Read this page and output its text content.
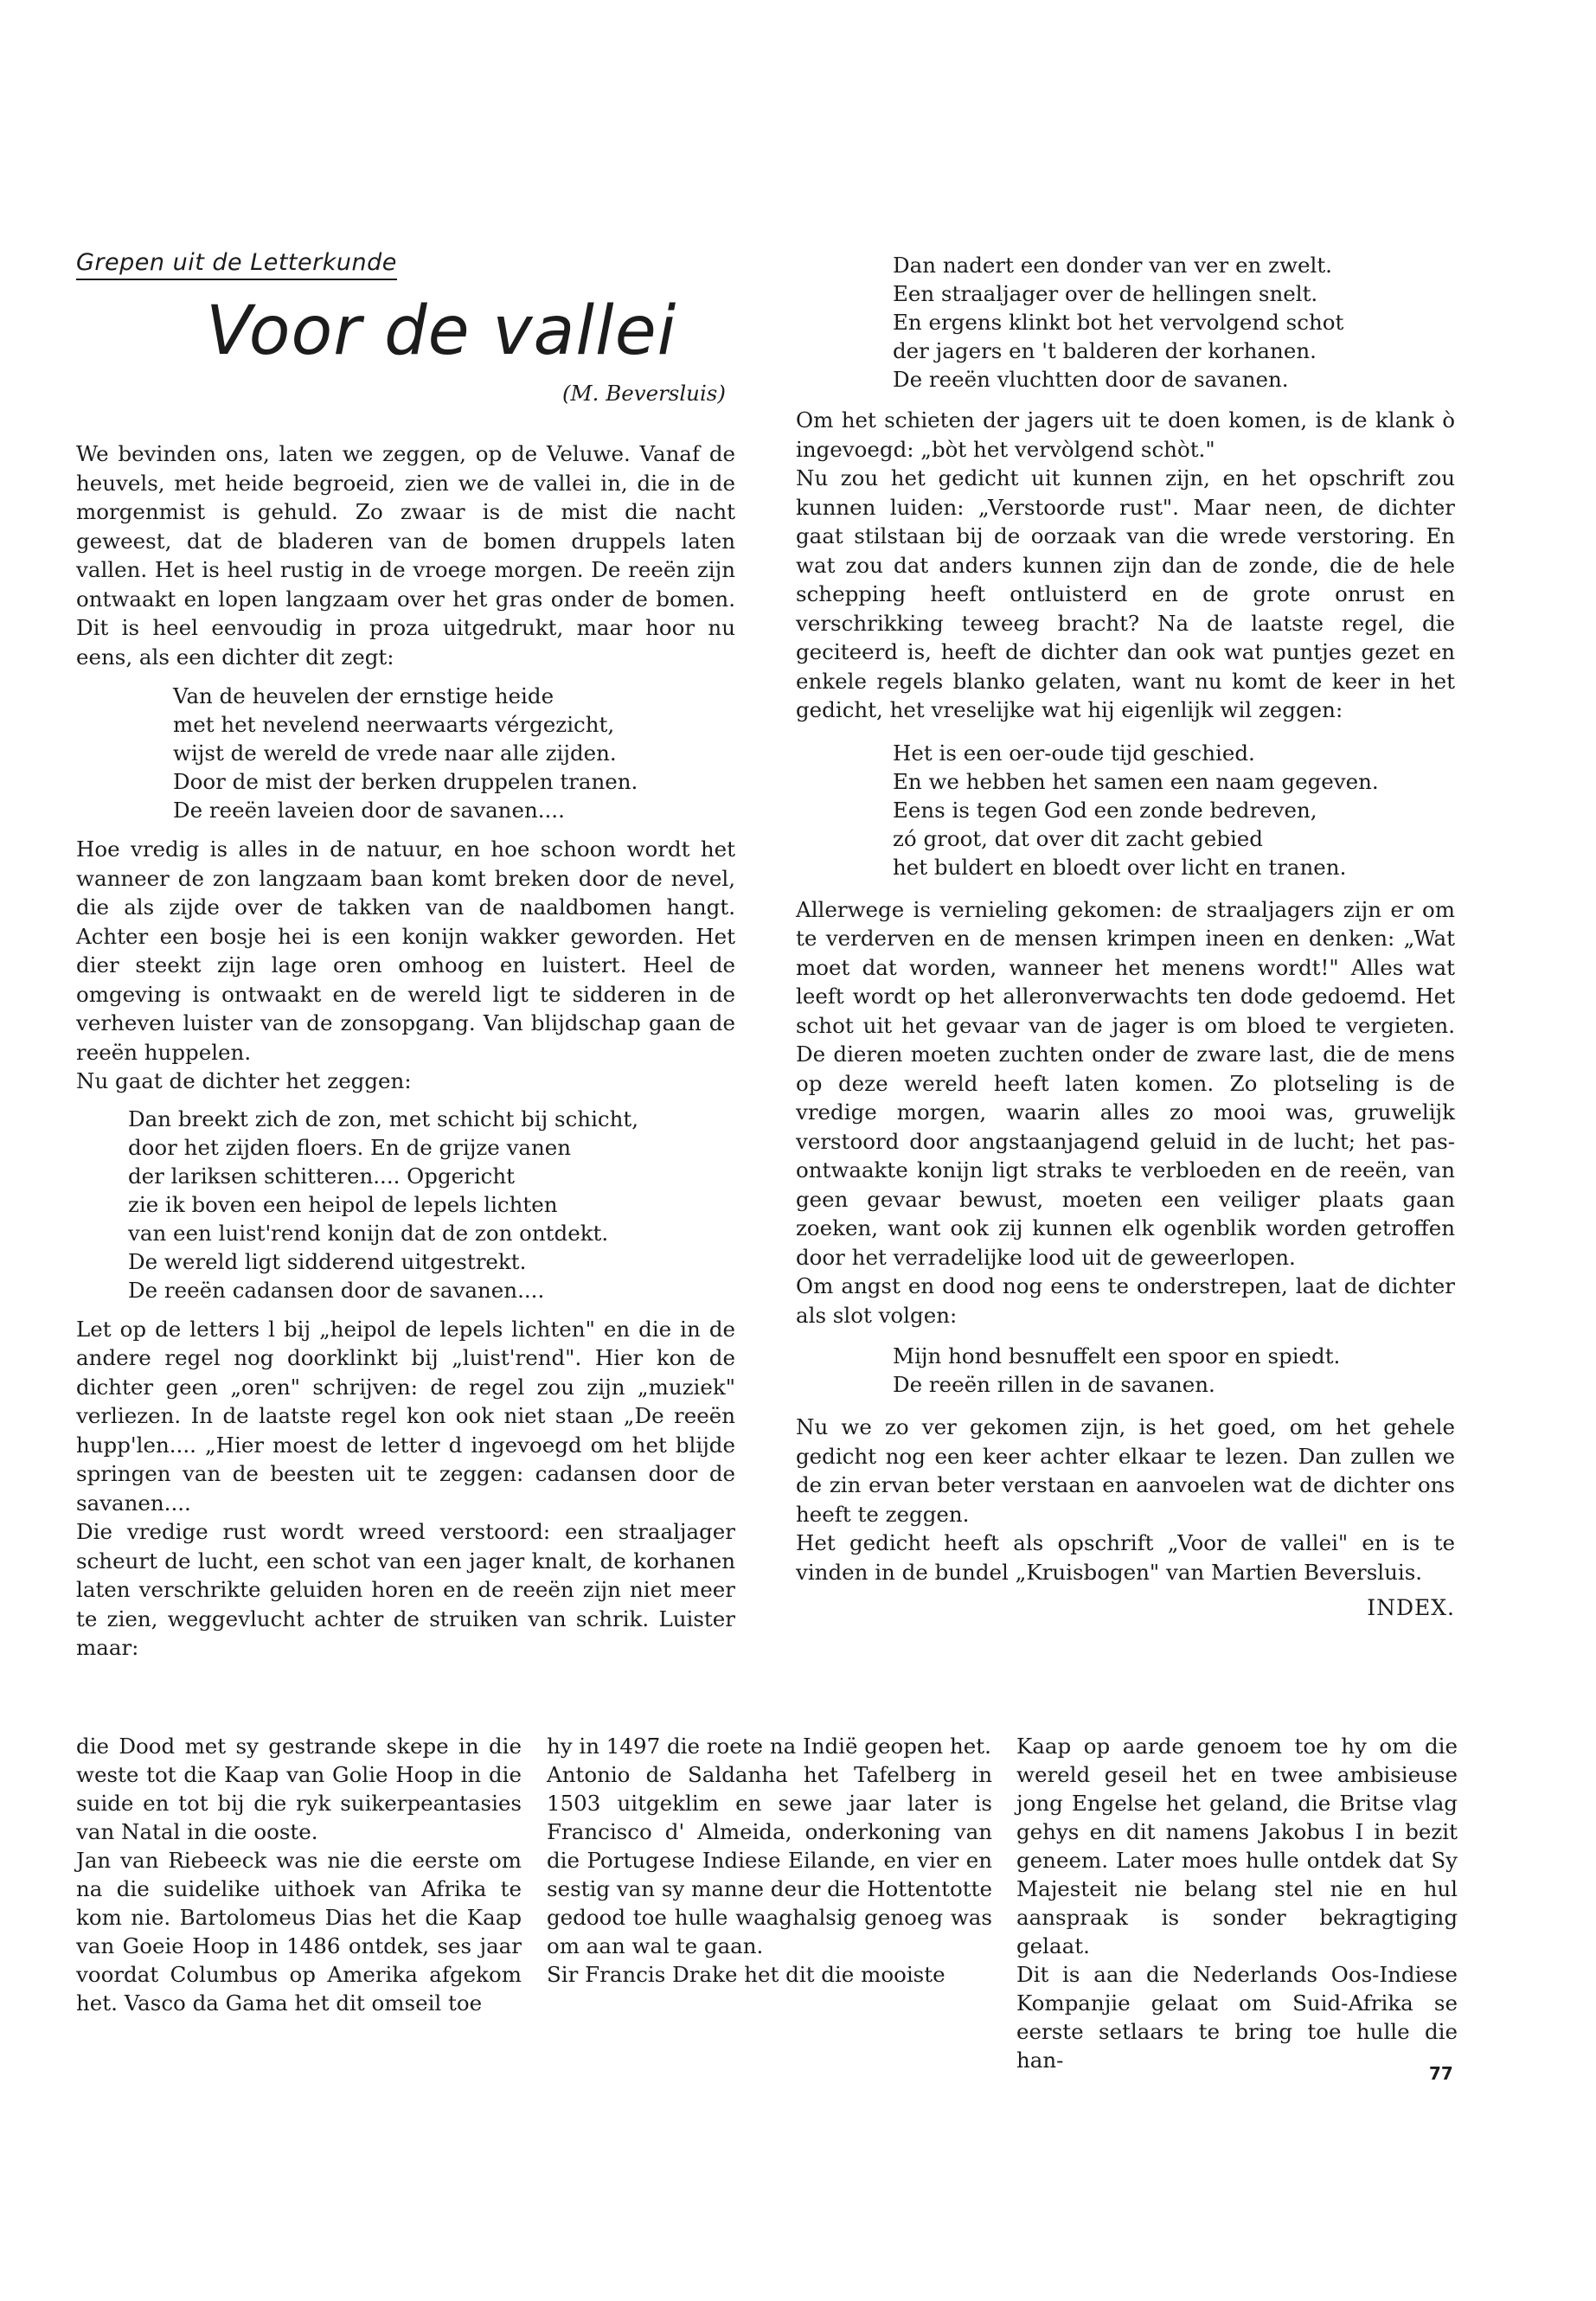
Grepen uit de Letterkunde
Voor de vallei
(M. Beversluis)

We bevinden ons, laten we zeggen, op de Veluwe. Vanaf de heuvels, met heide begroeid, zien we de vallei in, die in de morgenmist is gehuld. Zo zwaar is de mist die nacht geweest, dat de bladeren van de bomen druppels laten vallen. Het is heel rustig in de vroege morgen. De reeën zijn ontwaakt en lopen langzaam over het gras onder de bomen. Dit is heel eenvoudig in proza uitgedrukt, maar hoor nu eens, als een dichter dit zegt:

Van de heuvelen der ernstige heide
met het nevelend neerwaarts vérgezicht,
wijst de wereld de vrede naar alle zijden.
Door de mist der berken druppelen tranen.
De reeën laveien door de savanen....

Hoe vredig is alles in de natuur, en hoe schoon wordt het wanneer de zon langzaam baan komt breken door de nevel, die als zijde over de takken van de naaldbomen hangt. Achter een bosje hei is een konijn wakker geworden. Het dier steekt zijn lage oren omhoog en luistert. Heel de omgeving is ontwaakt en de wereld ligt te sidderen in de verheven luister van de zonsopgang. Van blijdschap gaan de reeën huppelen.

Nu gaat de dichter het zeggen:

Dan breekt zich de zon, met schicht bij schicht,
door het zijden floers. En de grijze vanen
der lariksen schitteren.... Opgericht
zie ik boven een heipol de lepels lichten
van een luist'rend konijn dat de zon ontdekt.
De wereld ligt sidderend uitgestrekt.
De reeën cadansen door de savanen....

Let op de letters l bij „heipol de lepels lichten" en die in de andere regel nog doorklinkt bij „luist'rend". Hier kon de dichter geen „oren" schrijven: de regel zou zijn „muziek" verliezen. In de laatste regel kon ook niet staan „De reeën hupp'len.... „Hier moest de letter d ingevoegd om het blijde springen van de beesten uit te zeggen: cadansen door de savanen....

Die vredige rust wordt wreed verstoord: een straaljager scheurt de lucht, een schot van een jager knalt, de korhanen laten verschrikte geluiden horen en de reeën zijn niet meer te zien, weggevlucht achter de struiken van schrik. Luister maar:

Dan nadert een donder van ver en zwelt.
Een straaljager over de hellingen snelt.
En ergens klinkt bot het vervolgend schot
der jagers en 't balderen der korhanen.
De reeën vluchtten door de savanen.

Om het schieten der jagers uit te doen komen, is de klank ò ingevoegd: „bòt het vervòlgend schòt."

Nu zou het gedicht uit kunnen zijn, en het opschrift zou kunnen luiden: „Verstoorde rust". Maar neen, de dichter gaat stilstaan bij de oorzaak van die wrede verstoring. En wat zou dat anders kunnen zijn dan de zonde, die de hele schepping heeft ontluisterd en de grote onrust en verschrikking teweeg bracht? Na de laatste regel, die geciteerd is, heeft de dichter dan ook wat puntjes gezet en enkele regels blanko gelaten, want nu komt de keer in het gedicht, het vreselijke wat hij eigenlijk wil zeggen:

Het is een oer-oude tijd geschied.
En we hebben het samen een naam gegeven.
Eens is tegen God een zonde bedreven,
zó groot, dat over dit zacht gebied
het buldert en bloedt over licht en tranen.

Allerwege is vernieling gekomen: de straaljagers zijn er om te verderven en de mensen krimpen ineen en denken: „Wat moet dat worden, wanneer het menens wordt!" Alles wat leeft wordt op het alleronverwachts ten dode gedoemd. Het schot uit het gevaar van de jager is om bloed te vergieten. De dieren moeten zuchten onder de zware last, die de mens op deze wereld heeft laten komen. Zo plotseling is de vredige morgen, waarin alles zo mooi was, gruwelijk verstoord door angstaanjagend geluid in de lucht; het pas-ontwaakte konijn ligt straks te verbloeden en de reeën, van geen gevaar bewust, moeten een veiliger plaats gaan zoeken, want ook zij kunnen elk ogenblik worden getroffen door het verradelijke lood uit de geweerlopen.

Om angst en dood nog eens te onderstrepen, laat de dichter als slot volgen:

Mijn hond besnuffelt een spoor en spiedt.
De reeën rillen in de savanen.

Nu we zo ver gekomen zijn, is het goed, om het gehele gedicht nog een keer achter elkaar te lezen. Dan zullen we de zin ervan beter verstaan en aanvoelen wat de dichter ons heeft te zeggen.

Het gedicht heeft als opschrift „Voor de vallei" en is te vinden in de bundel „Kruisbogen" van Martien Beversluis.

INDEX.

die Dood met sy gestrande skepe in die weste tot die Kaap van Golie Hoop in die suide en tot bij die ryk suikerpeantasies van Natal in die ooste.

Jan van Riebeeck was nie die eerste om na die suidelike uithoek van Afrika te kom nie. Bartolomeus Dias het die Kaap van Goeie Hoop in 1486 ontdek, ses jaar voordat Columbus op Amerika afgekom het. Vasco da Gama het dit omseil toe

hy in 1497 die roete na Indië geopen het.

Antonio de Saldanha het Tafelberg in 1503 uitgeklim en sewe jaar later is Francisco d' Almeida, onderkoning van die Portugese Indiese Eilande, en vier en sestig van sy manne deur die Hottentotte gedood toe hulle waaghalsig genoeg was om aan wal te gaan.

Sir Francis Drake het dit die mooiste

Kaap op aarde genoem toe hy om die wereld geseil het en twee ambisieuse jong Engelse het geland, die Britse vlag gehys en dit namens Jakobus I in bezit geneem. Later moes hulle ontdek dat Sy Majesteit nie belang stel nie en hul aanspraak is sonder bekragtiging gelaat.

Dit is aan die Nederlands Oos-Indiese Kompanjie gelaat om Suid-Afrika se eerste setlaars te bring toe hulle die han-

77
